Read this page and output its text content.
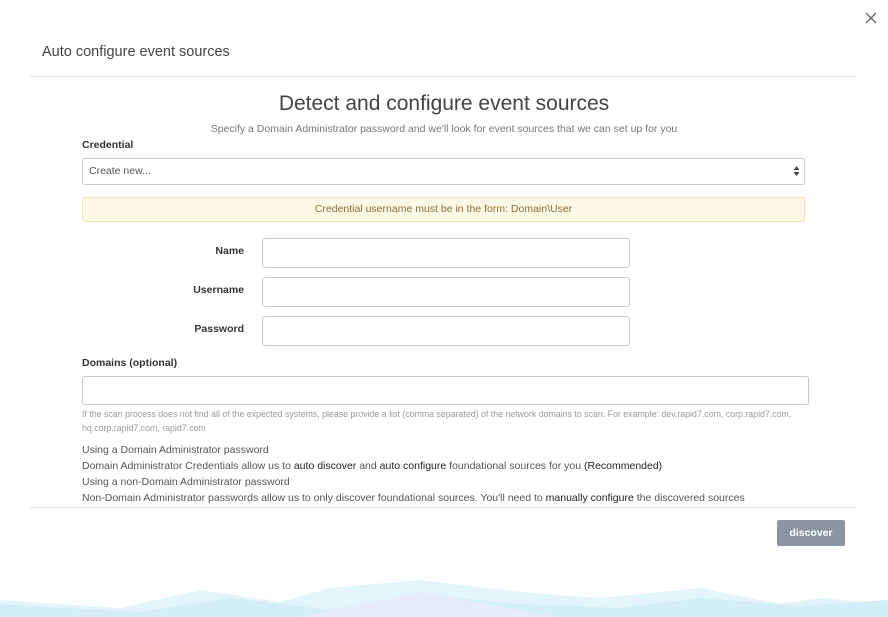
Auto configure event sources
Detect and configure event sources
Specify a Domain Administrator password and we'll look for event sources that we can set up for you
Credential
Create new...
Credential username must be in the form: Domain\User
Name
Username
Password
Domains (optional)
If the scan process does not find all of the expected systems, please provide a list (comma separated) of the network domains to scan. For example: dev.rapid7.com, corp.rapid7.com, hq.corp.rapid7.com, rapid7.com
Using a Domain Administrator password
Domain Administrator Credentials allow us to auto discover and auto configure foundational sources for you (Recommended)
Using a non-Domain Administrator password
Non-Domain Administrator passwords allow us to only discover foundational sources. You'll need to manually configure the discovered sources
discover
